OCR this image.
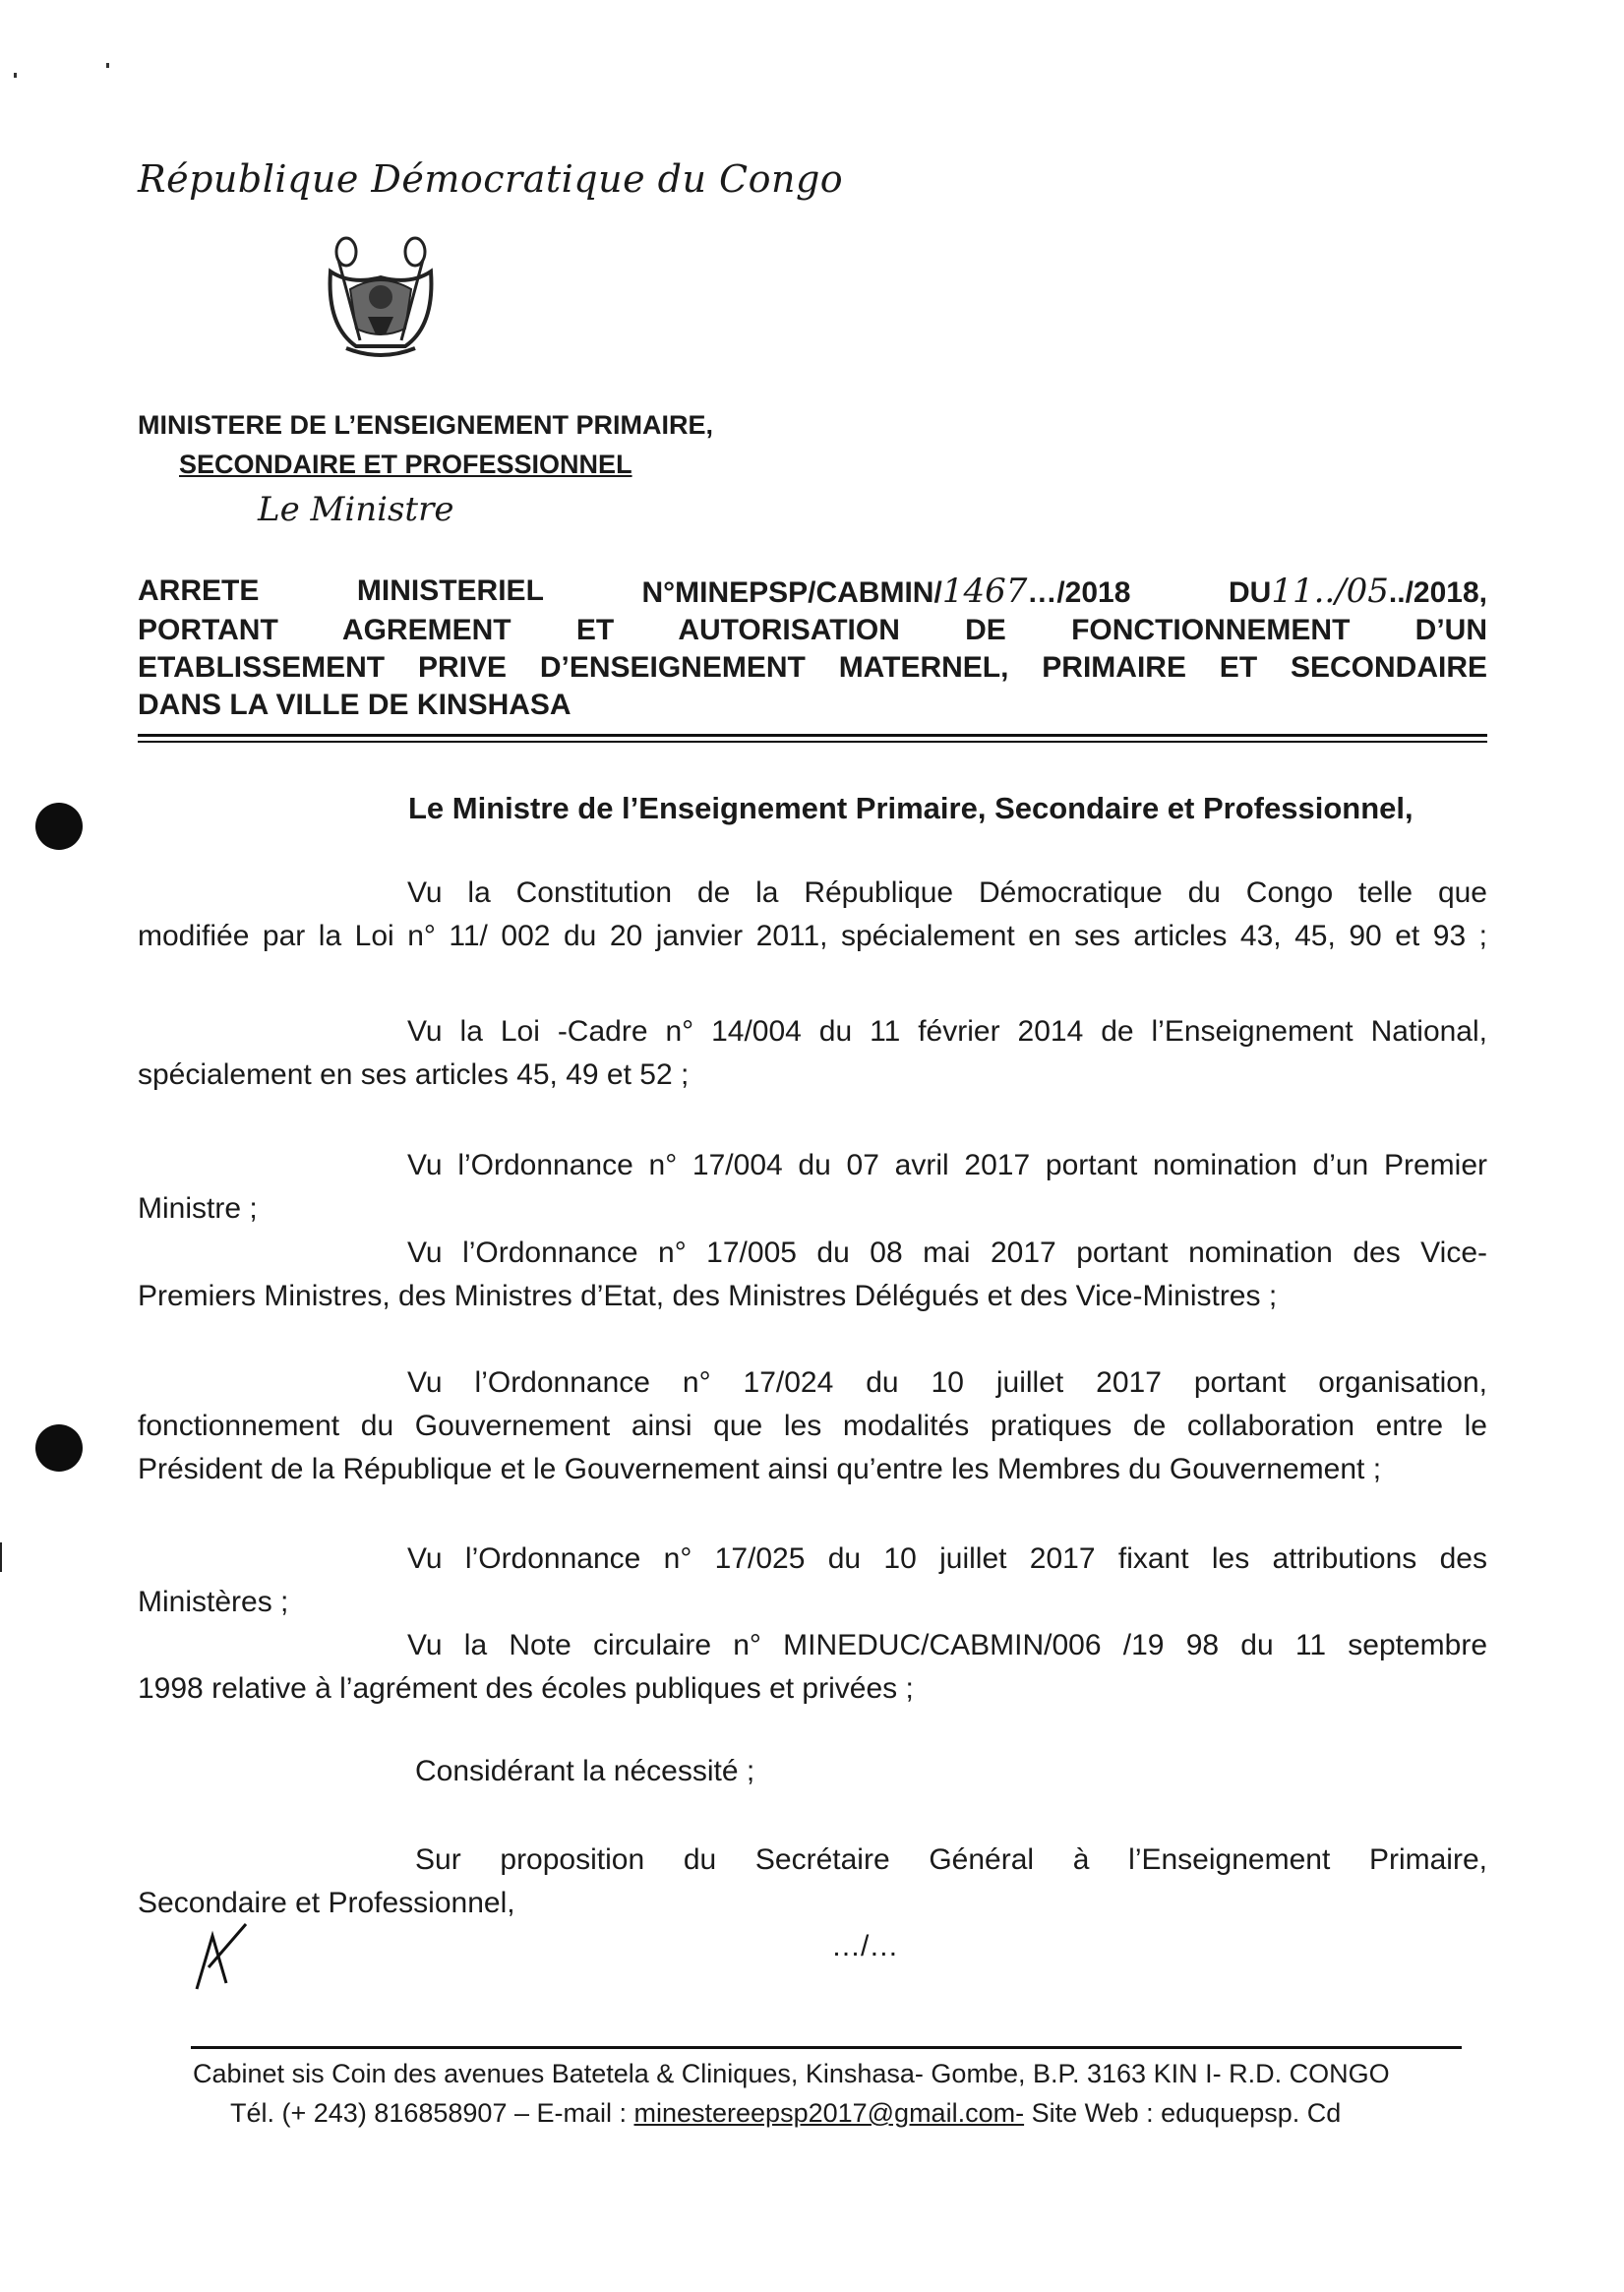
République Démocratique du Congo
MINISTERE DE L’ENSEIGNEMENT PRIMAIRE,
SECONDAIRE ET PROFESSIONNEL
Le Ministre
ARRETE	MINISTERIEL	N°MINEPSP/CABMIN/1467…/2018	DU11../05../2018,
PORTANT AGREMENT ET AUTORISATION DE FONCTIONNEMENT D’UN
ETABLISSEMENT PRIVE D’ENSEIGNEMENT MATERNEL, PRIMAIRE ET SECONDAIRE
DANS LA VILLE DE KINSHASA
Le Ministre de l’Enseignement Primaire, Secondaire et Professionnel,
Vu la Constitution de la République Démocratique du Congo telle que
modifiée par la Loi n° 11/ 002 du 20 janvier 2011, spécialement en ses articles 43, 45, 90 et 93 ;
Vu la Loi -Cadre n° 14/004 du 11 février 2014 de l’Enseignement National,
spécialement en ses articles 45, 49 et 52 ;
Vu l’Ordonnance n° 17/004 du 07 avril 2017 portant nomination d’un Premier
Ministre ;
Vu l’Ordonnance n° 17/005 du 08 mai 2017 portant nomination des Vice-
Premiers Ministres, des Ministres d’Etat, des Ministres Délégués et des Vice-Ministres ;
Vu l’Ordonnance n° 17/024 du 10 juillet 2017 portant organisation,
fonctionnement du Gouvernement ainsi que les modalités pratiques de collaboration entre le
Président de la République et le Gouvernement ainsi qu’entre les Membres du Gouvernement ;
Vu l’Ordonnance n° 17/025 du 10 juillet 2017 fixant les attributions des
Ministères ;
Vu la Note circulaire n° MINEDUC/CABMIN/006 /19 98 du 11 septembre
1998 relative à l’agrément des écoles publiques et privées ;
Considérant la nécessité ;
Sur proposition du Secrétaire Général à l’Enseignement Primaire,
Secondaire et Professionnel,
…/…
Cabinet sis Coin des avenues Batetela & Cliniques, Kinshasa- Gombe, B.P. 3163 KIN I- R.D. CONGO
Tél. (+ 243) 816858907 – E-mail : minestereepsp2017@gmail.com- Site Web : eduquepsp. Cd
